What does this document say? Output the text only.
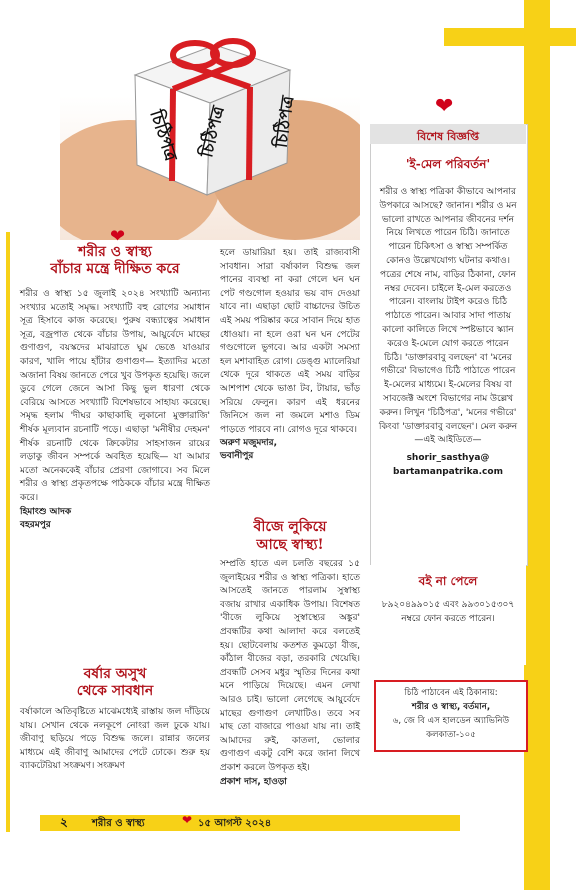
চিঠিপত্র চিঠিপত্র চিঠিপত্র	❤
❤
শরীর ও স্বাস্থ্য
বাঁচার মন্ত্রে দীক্ষিত করে

শরীর ও স্বাস্থ্য ১৫ জুলাই ২০২৪ সংখ্যাটি অন্যান্য সংখ্যার মতোই সমৃদ্ধ। সংখ্যাটি বহু রোগের সমাধান সূত্র হিসাবে কাজ করেছে। পুরুষ বন্ধ্যাত্বের সমাধান সূত্র, বজ্রপাত থেকে বাঁচার উপায়, আয়ুর্বেদে মাছের গুণাগুণ, বয়স্কদের মাঝরাতে ঘুম ভেঙে যাওয়ার কারণ, খালি পায়ে হাঁটার গুণাগুণ— ইত্যাদির মতো অজানা বিষয় জানতে পেরে খুব উপকৃত হয়েছি। জলে ডুবে গেলে জেনে আসা কিছু ভুল ধারণা থেকে বেরিয়ে আসতে সংখ্যাটি বিশেষভাবে সাহায্য করেছে। সমৃদ্ধ হলাম 'দীঘর কাছাকাছি লুকানো মুক্তারাজি' শীর্ষক মূল্যবান রচনাটি পড়ে। এছাড়া 'মনীষীর দেহমন' শীর্ষক রচনাটি থেকে ক্রিকেটার সাহসাজন রায়ের লড়াকু জীবন সম্পর্কে অবহিত হয়েছি— যা আমার মতো অনেককেই বাঁচার প্রেরণা জোগাবে। সব মিলে শরীর ও স্বাস্থ্য প্রকৃতপক্ষে পাঠককে বাঁচার মন্ত্রে দীক্ষিত করে।

হিমাংশু আদক

বহরমপুর

বর্ষার অসুখ
থেকে সাবধান

বর্ষাকালে অতিবৃষ্টিতে মাঝেমধ্যেই রাস্তায় জল দাঁড়িয়ে যায়। সেখান থেকে নলকূপে নোংরা জল ঢুকে যায়। জীবাণু ছড়িয়ে পড়ে বিশুদ্ধ জলে। রান্নার জলের মাধ্যমে এই জীবাণু আমাদের পেটে ঢোকে। শুরু হয় ব্যাকটেরিয়া সংক্রমণ। সংক্রমণ

হলে ডায়ারিয়া হয়। তাই রাজ্যবাসী সাবধান। সারা বর্ষাকাল বিশুদ্ধ জল পানের ব্যবস্থা না করা গেলে ঘন ঘন পেট গণ্ডগোল হওয়ার ভয় বাদ দেওয়া যাবে না। এছাড়া ছোট বাচ্চাদের উচিত এই সময় পরিষ্কার করে সাবান দিয়ে হাত ধোওয়া। না হলে ওরা ঘন ঘন পেটের গণ্ডগোলে ভুগবে। আর একটা সমস্যা হল মশাবাহিত রোগ। ডেঙ্গু ম্যালেরিয়া থেকে দূরে থাকতে এই সময় বাড়ির আশপাশ থেকে ভাঙা টব, টায়ার, ভাঁড় সরিয়ে ফেলুন। কারণ এই ধরনের জিনিসে জল না জমলে মশাও ডিম পাড়তে পারবে না। রোগও দূরে থাকবে।

অরুণ মজুমদার,

ভবানীপুর

বীজে লুকিয়ে
আছে স্বাস্থ্য!

সম্প্রতি হাতে এল চলতি বছরের ১৫ জুলাইয়ের শরীর ও স্বাস্থ্য পত্রিকা। হাতে আসতেই জানতে পারলাম সুস্বাস্থ্য বজায় রাখার একাধিক উপায়। বিশেষত 'বীজে লুকিয়ে সুস্বাস্থ্যের অঙ্কুর' প্রবন্ধটির কথা আলাদা করে বলতেই হয়। ছোটবেলায় কতশত কুমড়ো বীজ, কাঁঠাল বীজের বড়া, তরকারি খেয়েছি। প্রবন্ধটি সেসব মধুর স্মৃতির দিনের কথা মনে পাড়িয়ে দিয়েছে। এমন লেখা আরও চাই। ভালো লেগেছে আয়ুর্বেদে মাছের গুণাগুণ লেখাটিও। তবে সব মাছ তো বাজারে পাওয়া যায় না। তাই আমাদের রুই, কাতলা, ভোলার গুণাগুণ একটু বেশি করে জানা লিখে প্রকাশ করলে উপকৃত হই।

প্রকাশ দাস, হাওড়া

বিশেষ বিজ্ঞপ্তি
'ই-মেল পরিবর্তন'
শরীর ও স্বাস্থ্য পত্রিকা কীভাবে আপনার উপকারে আসছে? জানান। শরীর ও মন ভালো রাখতে আপনার জীবনের দর্শন নিয়ে লিখতে পারেন চিঠি। জানাতে পারেন চিকিৎসা ও স্বাস্থ্য সম্পর্কিত কোনও উল্লেখযোগ্য ঘটনার কথাও। পত্রের শেষে নাম, বাড়ির ঠিকানা, ফোন নম্বর দেবেন। চাইলে ই-মেল করতেও পারেন। বাংলায় টাইপ করেও চিঠি পাঠাতে পারেন। আবার সাদা পাতায় কালো কালিতে লিখে স্পষ্টভাবে স্ক্যান করেও ই-মেলে যোগ করতে পারেন চিঠি। 'ডাক্তারবাবু বলছেন' বা 'মনের গভীরে' বিভাগেও চিঠি পাঠাতে পারেন ই-মেলের মাধ্যমে। ই-মেলের বিষয় বা সাবজেক্ট অংশে বিভাগের নাম উল্লেখ করুন। লিখুন 'চিঠিপত্র', 'মনের গভীরে' কিংবা 'ডাক্তারবাবু বলছেন'। মেল করুন—এই আইডিতে—
shorir_sasthya@
bartamanpatrika.com
বই না পেলে
৮৯২০৪৯৯০১৫ এবং ৯৯৩০১৫৩০৭ নম্বরে ফোন করতে পারেন।
চিঠি পাঠাবেন এই ঠিকানায়:
শরীর ও স্বাস্থ্য, বর্তমান,
৬, জে বি এস হালডেন অ্যাভিনিউ
কলকাতা-১০৫
২ শরীর ও স্বাস্থ্য	❤ ১৫ আগস্ট ২০২৪
